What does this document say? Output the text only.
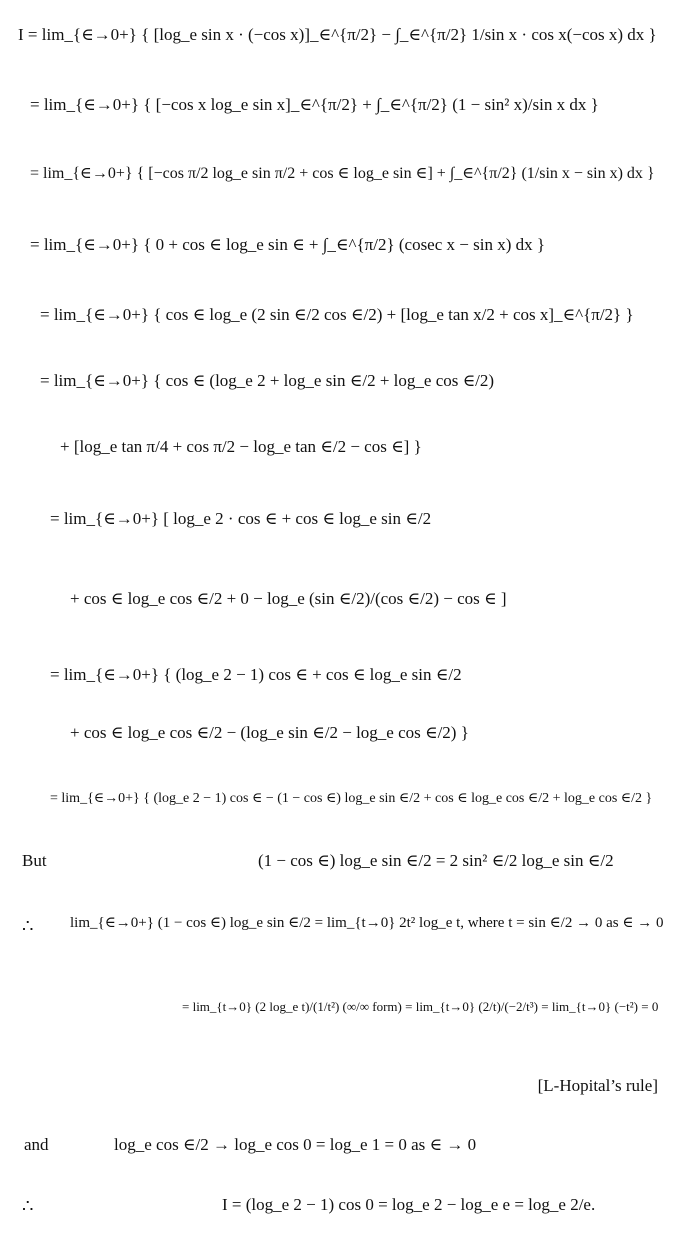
I = lim_{∈→0+} { [log_e sin x · (−cos x)]_∈^{π/2} − ∫_∈^{π/2} 1/sin x · cos x(−cos x) dx }
= lim_{∈→0+} { [−cos x log_e sin x]_∈^{π/2} + ∫_∈^{π/2} (1 − sin² x)/sin x dx }
= lim_{∈→0+} { [−cos π/2 log_e sin π/2 + cos ∈ log_e sin ∈] + ∫_∈^{π/2} (1/sin x − sin x) dx }
= lim_{∈→0+} { 0 + cos ∈ log_e sin ∈ + ∫_∈^{π/2} (cosec x − sin x) dx }
= lim_{∈→0+} { cos ∈ log_e (2 sin ∈/2 cos ∈/2) + [log_e tan x/2 + cos x]_∈^{π/2} }
= lim_{∈→0+} { cos ∈ (log_e 2 + log_e sin ∈/2 + log_e cos ∈/2)
+ [log_e tan π/4 + cos π/2 − log_e tan ∈/2 − cos ∈] }
= lim_{∈→0+} [ log_e 2 · cos ∈ + cos ∈ log_e sin ∈/2
+ cos ∈ log_e cos ∈/2 + 0 − log_e (sin ∈/2)/(cos ∈/2) − cos ∈ ]
= lim_{∈→0+} { (log_e 2 − 1) cos ∈ + cos ∈ log_e sin ∈/2
+ cos ∈ log_e cos ∈/2 − (log_e sin ∈/2 − log_e cos ∈/2) }
= lim_{∈→0+} { (log_e 2 − 1) cos ∈ − (1 − cos ∈) log_e sin ∈/2 + cos ∈ log_e cos ∈/2 + log_e cos ∈/2 }
But	(1 − cos ∈) log_e sin ∈/2 = 2 sin² ∈/2 log_e sin ∈/2
∴ lim_{∈→0+} (1 − cos ∈) log_e sin ∈/2 = lim_{t→0} 2t² log_e t, where t = sin ∈/2 → 0 as ∈ → 0
= lim_{t→0} (2 log_e t)/(1/t²) (∞/∞ form) = lim_{t→0} (2/t)/(−2/t³) = lim_{t→0} (−t²) = 0
[L-Hopital’s rule]
and	log_e cos ∈/2 → log_e cos 0 = log_e 1 = 0 as ∈ → 0
∴	I = (log_e 2 − 1) cos 0 = log_e 2 − log_e e = log_e 2/e.
